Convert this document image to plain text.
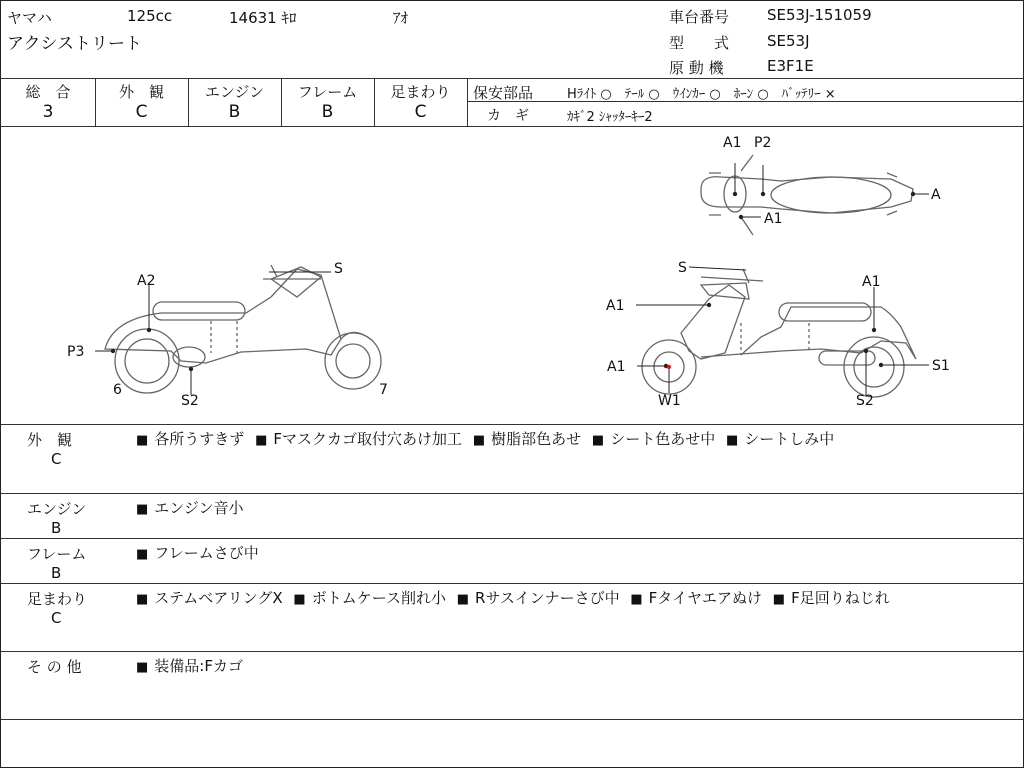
ヤマハ	125cc	14631 ｷﾛ	ｱｵ
アクシストリート
車台番号	SE53J-151059
型　　式	SE53J
原 動 機	E3F1E
総　合
3
外　観
C
エンジン
B
フレーム
B
足まわり
C
保安部品	Hﾗｲﾄ ○　ﾃｰﾙ ○　ｳｲﾝｶｰ ○　ﾎｰﾝ ○　ﾊﾞｯﾃﾘｰ ×
カ　ギ	ｶｷﾞ2 ｼｬｯﾀｰｷｰ2
S
A2
P3
6
S2
7
S
A1
A1
A1
W1
S1
S2
A1 P2
A
A1
外　観
C
■ 各所うすきず ■ Fマスクカゴ取付穴あけ加工 ■ 樹脂部色あせ ■ シート色あせ中 ■ シートしみ中
エンジン
B
■ エンジン音小
フレーム
B
■ フレームさび中
足まわり
C
■ ステムベアリングX ■ ボトムケース削れ小 ■ Rサスインナーさび中 ■ Fタイヤエアぬけ ■ F足回りねじれ
そ の 他	■ 装備品:Fカゴ
